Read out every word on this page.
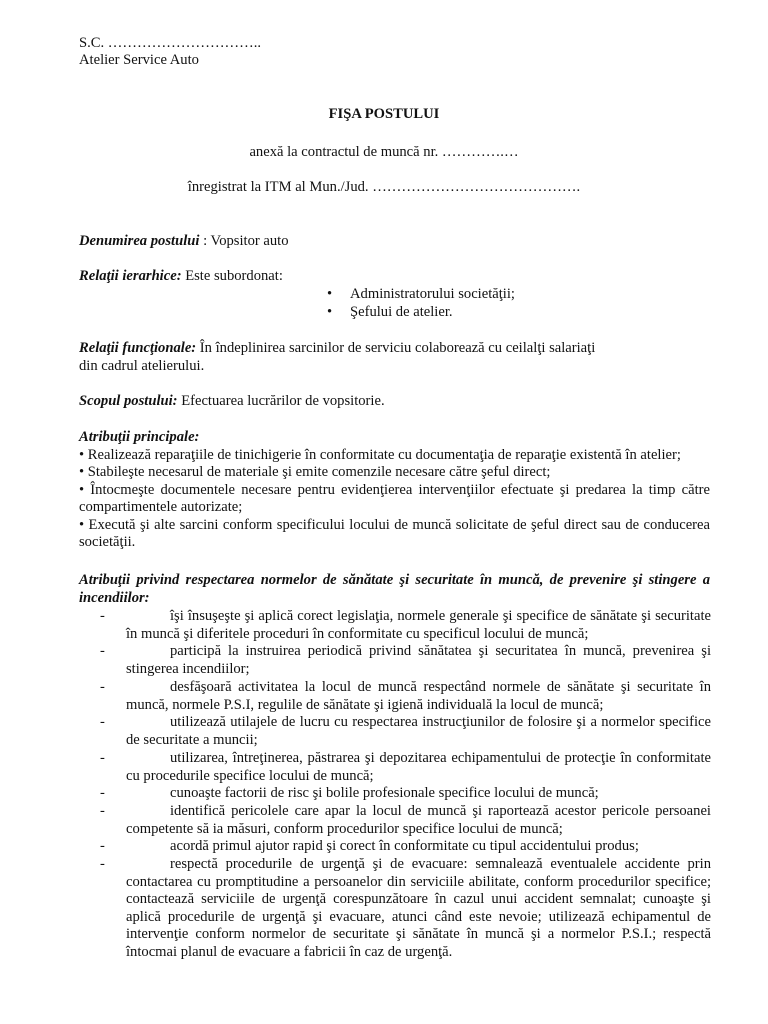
S.C. …………………………..
Atelier Service Auto
FIŞA POSTULUI
anexă la contractul de muncă nr. ………….…
înregistrat la ITM al Mun./Jud. …………………………………….
Denumirea postului : Vopsitor auto
Relaţii ierarhice: Este subordonat:
• Administratorului societăţii;
• Şefului de atelier.
Relaţii funcţionale: În îndeplinirea sarcinilor de serviciu colaborează cu ceilalţi salariaţi
din cadrul atelierului.
Scopul postului: Efectuarea lucrărilor de vopsitorie.
Atribuţii principale:
• Realizează reparaţiile de tinichigerie în conformitate cu documentaţia de reparaţie existentă în atelier;
• Stabileşte necesarul de materiale şi emite comenzile necesare către şeful direct;
• Întocmeşte documentele necesare pentru evidenţierea intervenţiilor efectuate şi predarea la timp către compartimentele autorizate;
• Execută şi alte sarcini conform specificului locului de muncă solicitate de şeful direct sau de conducerea societăţii.
Atribuţii privind respectarea normelor de sănătate şi securitate în muncă, de prevenire şi stingere a incendiilor:
-	îşi însuşeşte şi aplică corect legislaţia, normele generale şi specifice de sănătate şi securitate în muncă şi diferitele proceduri în conformitate cu specificul locului de muncă;
-	participă la instruirea periodică privind sănătatea şi securitatea în muncă, prevenirea şi stingerea incendiilor;
-	desfăşoară activitatea la locul de muncă respectând normele de sănătate şi securitate în muncă, normele P.S.I, regulile de sănătate şi igienă individuală la locul de muncă;
-	utilizează utilajele de lucru cu respectarea instrucţiunilor de folosire şi a normelor specifice de securitate a muncii;
-	utilizarea, întreţinerea, păstrarea şi depozitarea echipamentului de protecţie în conformitate cu procedurile specifice locului de muncă;
-	cunoaşte factorii de risc şi bolile profesionale specifice locului de muncă;
-	identifică pericolele care apar la locul de muncă şi raportează acestor pericole persoanei competente să ia măsuri, conform procedurilor specifice locului de muncă;
-	acordă primul ajutor rapid şi corect în conformitate cu tipul accidentului produs;
-	respectă procedurile de urgenţă şi de evacuare: semnalează eventualele accidente prin contactarea cu promptitudine a persoanelor din serviciile abilitate, conform procedurilor specifice; contactează serviciile de urgenţă corespunzătoare în cazul unui accident semnalat; cunoaşte şi aplică procedurile de urgenţă şi evacuare, atunci când este nevoie; utilizează echipamentul de intervenţie conform normelor de securitate şi sănătate în muncă şi a normelor P.S.I.; respectă întocmai planul de evacuare a fabricii în caz de urgenţă.
